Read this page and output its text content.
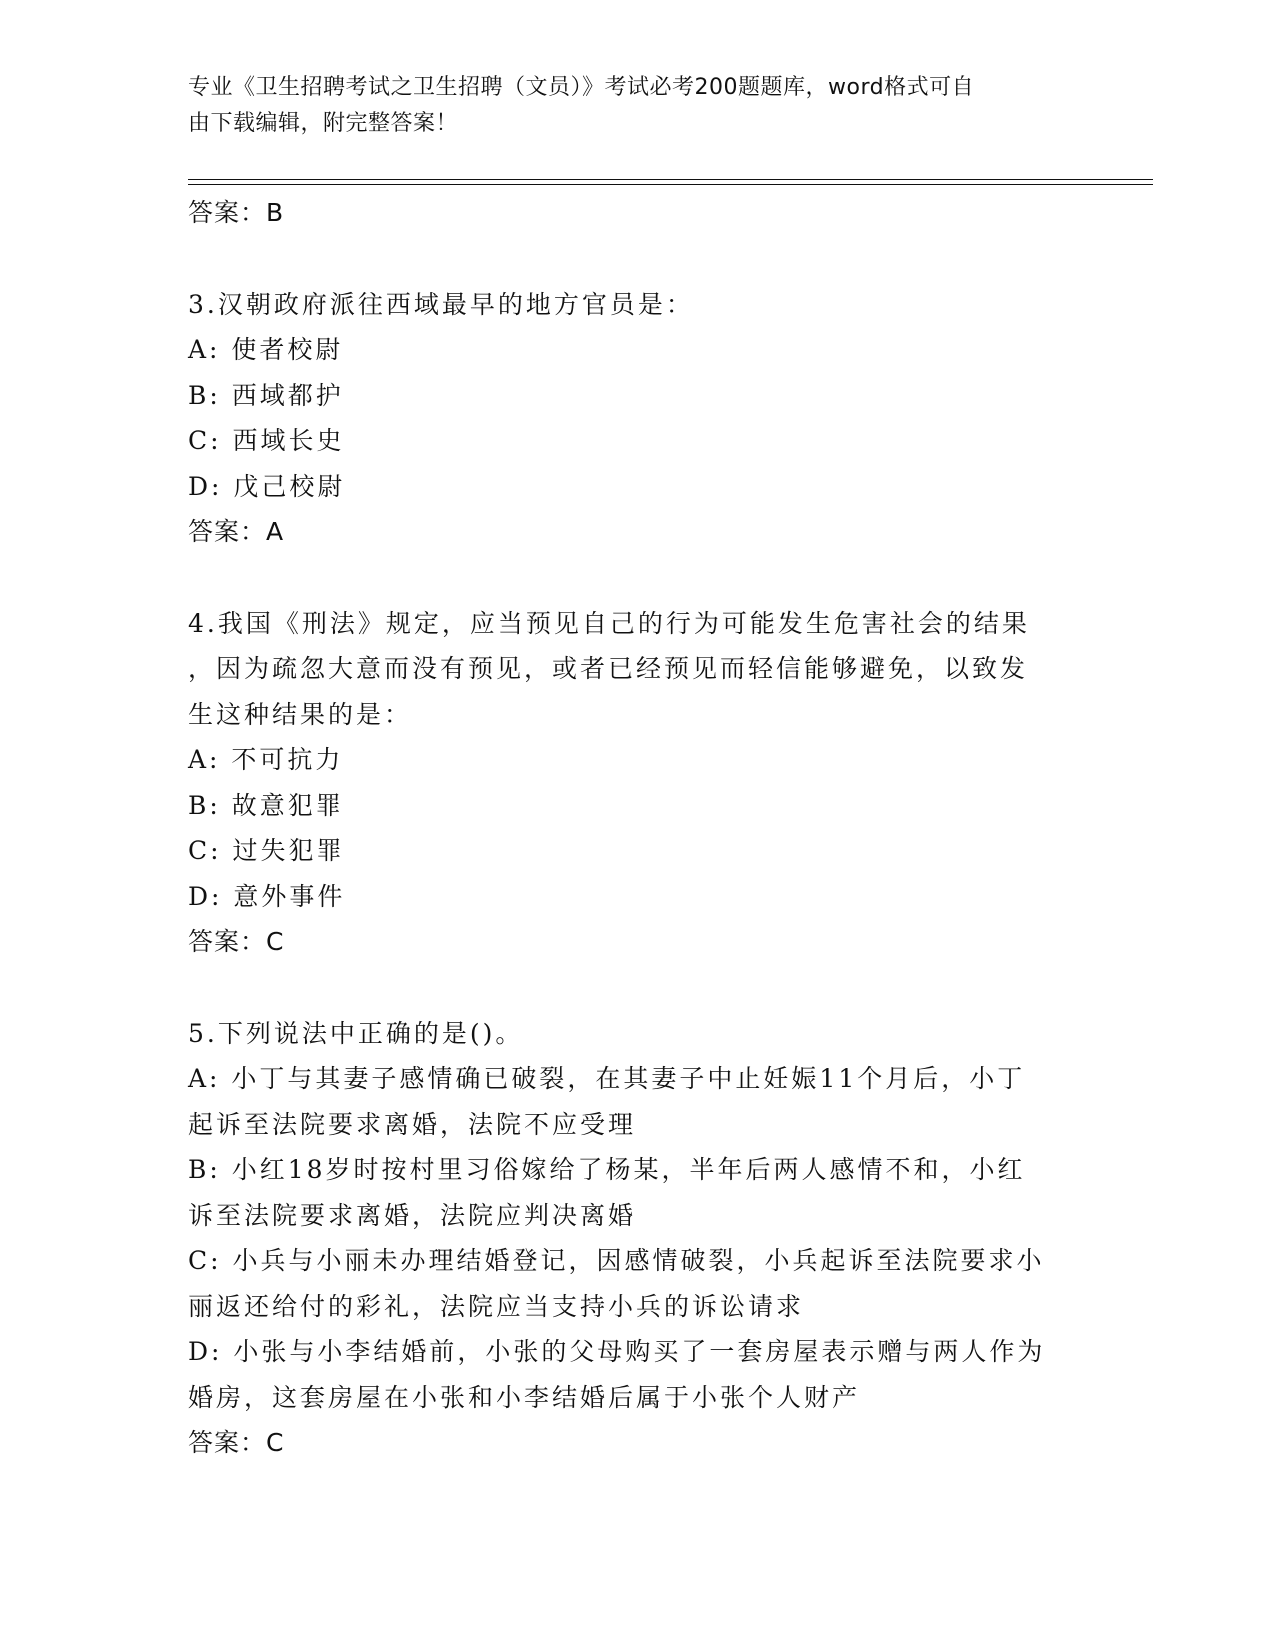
专业《卫生招聘考试之卫生招聘（文员）》考试必考200题题库，word格式可自
由下载编辑，附完整答案！
答案：B
3.汉朝政府派往西域最早的地方官员是：
A: 使者校尉
B: 西域都护
C: 西域长史
D: 戊己校尉
答案：A
4.我国《刑法》规定，应当预见自己的行为可能发生危害社会的结果
，因为疏忽大意而没有预见，或者已经预见而轻信能够避免，以致发
生这种结果的是：
A: 不可抗力
B: 故意犯罪
C: 过失犯罪
D: 意外事件
答案：C
5.下列说法中正确的是()。
A: 小丁与其妻子感情确已破裂，在其妻子中止妊娠11个月后，小丁
起诉至法院要求离婚，法院不应受理
B: 小红18岁时按村里习俗嫁给了杨某，半年后两人感情不和，小红
诉至法院要求离婚，法院应判决离婚
C: 小兵与小丽未办理结婚登记，因感情破裂，小兵起诉至法院要求小
丽返还给付的彩礼，法院应当支持小兵的诉讼请求
D: 小张与小李结婚前，小张的父母购买了一套房屋表示赠与两人作为
婚房，这套房屋在小张和小李结婚后属于小张个人财产
答案：C
